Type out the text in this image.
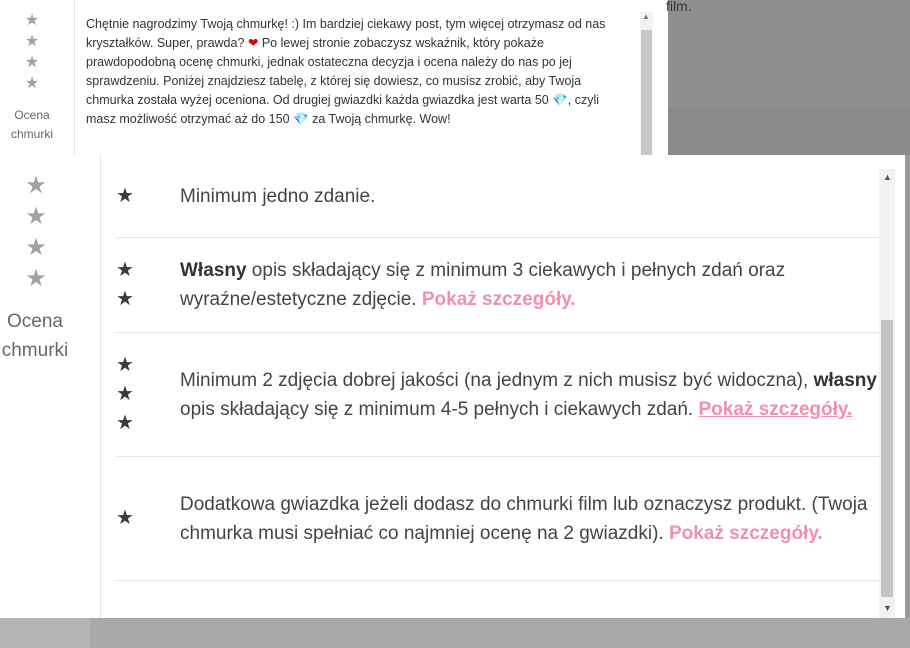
film.
★
★
★
★
Ocena chmurki
Chętnie nagrodzimy Twoją chmurkę! :) Im bardziej ciekawy post, tym więcej otrzymasz od nas kryształków. Super, prawda? ❤ Po lewej stronie zobaczysz wskaźnik, który pokaże prawdopodobną ocenę chmurki, jednak ostateczna decyzja i ocena należy do nas po jej sprawdzeniu. Poniżej znajdziesz tabelę, z której się dowiesz, co musisz zrobić, aby Twoja chmurka została wyżej oceniona. Od drugiej gwiazdki każda gwiazdka jest warta 50 💎, czyli masz możliwość otrzymać aż do 150 💎 za Twoją chmurkę. Wow!
▲
★
★
★
★
Ocena chmurki
★ Minimum jedno zdanie.
★
★
Własny opis składający się z minimum 3 ciekawych i pełnych zdań oraz wyraźne/estetyczne zdjęcie. Pokaż szczegóły.
★
★
★
Minimum 2 zdjęcia dobrej jakości (na jednym z nich musisz być widoczna), własny opis składający się z minimum 4-5 pełnych i ciekawych zdań. Pokaż szczegóły.
★
Dodatkowa gwiazdka jeżeli dodasz do chmurki film lub oznaczysz produkt. (Twoja chmurka musi spełniać co najmniej ocenę na 2 gwiazdki). Pokaż szczegóły.
▲
▼
